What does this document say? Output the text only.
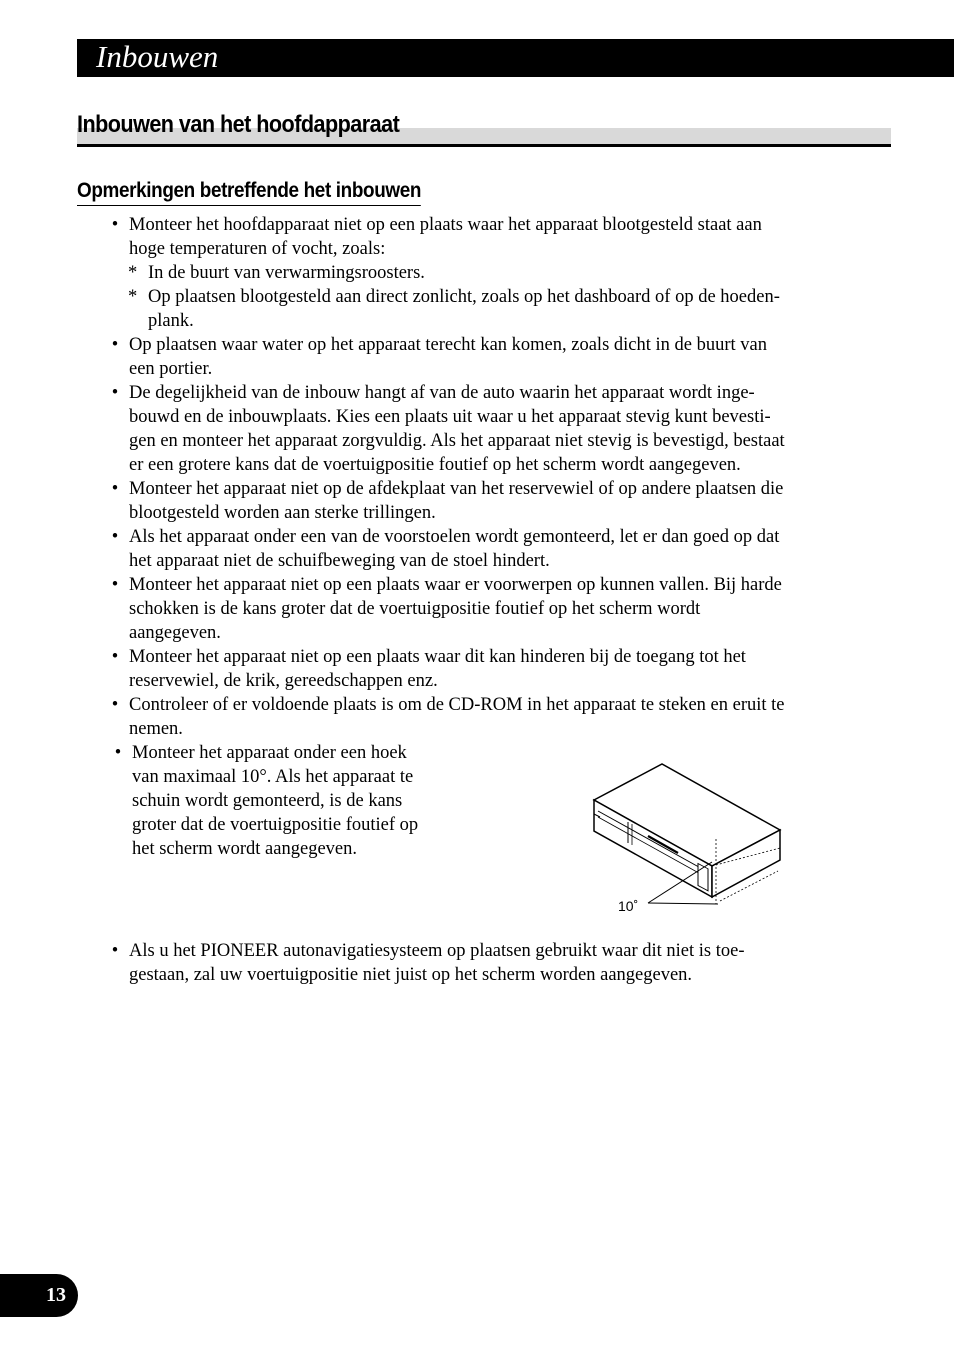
Inbouwen
Inbouwen van het hoofdapparaat
Opmerkingen betreffende het inbouwen
• Monteer het hoofdapparaat niet op een plaats waar het apparaat blootgesteld staat aan
hoge temperaturen of vocht, zoals:
* In de buurt van verwarmingsroosters.
* Op plaatsen blootgesteld aan direct zonlicht, zoals op het dashboard of op de hoeden-
plank.
• Op plaatsen waar water op het apparaat terecht kan komen, zoals dicht in de buurt van
een portier.
• De degelijkheid van de inbouw hangt af van de auto waarin het apparaat wordt inge-
bouwd en de inbouwplaats. Kies een plaats uit waar u het apparaat stevig kunt bevesti-
gen en monteer het apparaat zorgvuldig. Als het apparaat niet stevig is bevestigd, bestaat
er een grotere kans dat de voertuigpositie foutief op het scherm wordt aangegeven.
• Monteer het apparaat niet op de afdekplaat van het reservewiel of op andere plaatsen die
blootgesteld worden aan sterke trillingen.
• Als het apparaat onder een van de voorstoelen wordt gemonteerd, let er dan goed op dat
het apparaat niet de schuifbeweging van de stoel hindert.
• Monteer het apparaat niet op een plaats waar er voorwerpen op kunnen vallen. Bij harde
schokken is de kans groter dat de voertuigpositie foutief op het scherm wordt
aangegeven.
• Monteer het apparaat niet op een plaats waar dit kan hinderen bij de toegang tot het
reservewiel, de krik, gereedschappen enz.
• Controleer of er voldoende plaats is om de CD-ROM in het apparaat te steken en eruit te
nemen.
• Monteer het apparaat onder een hoek
van maximaal 10°. Als het apparaat te
schuin wordt gemonteerd, is de kans
groter dat de voertuigpositie foutief op
het scherm wordt aangegeven.
10˚
• Als u het PIONEER autonavigatiesysteem op plaatsen gebruikt waar dit niet is toe-
gestaan, zal uw voertuigpositie niet juist op het scherm worden aangegeven.
13
